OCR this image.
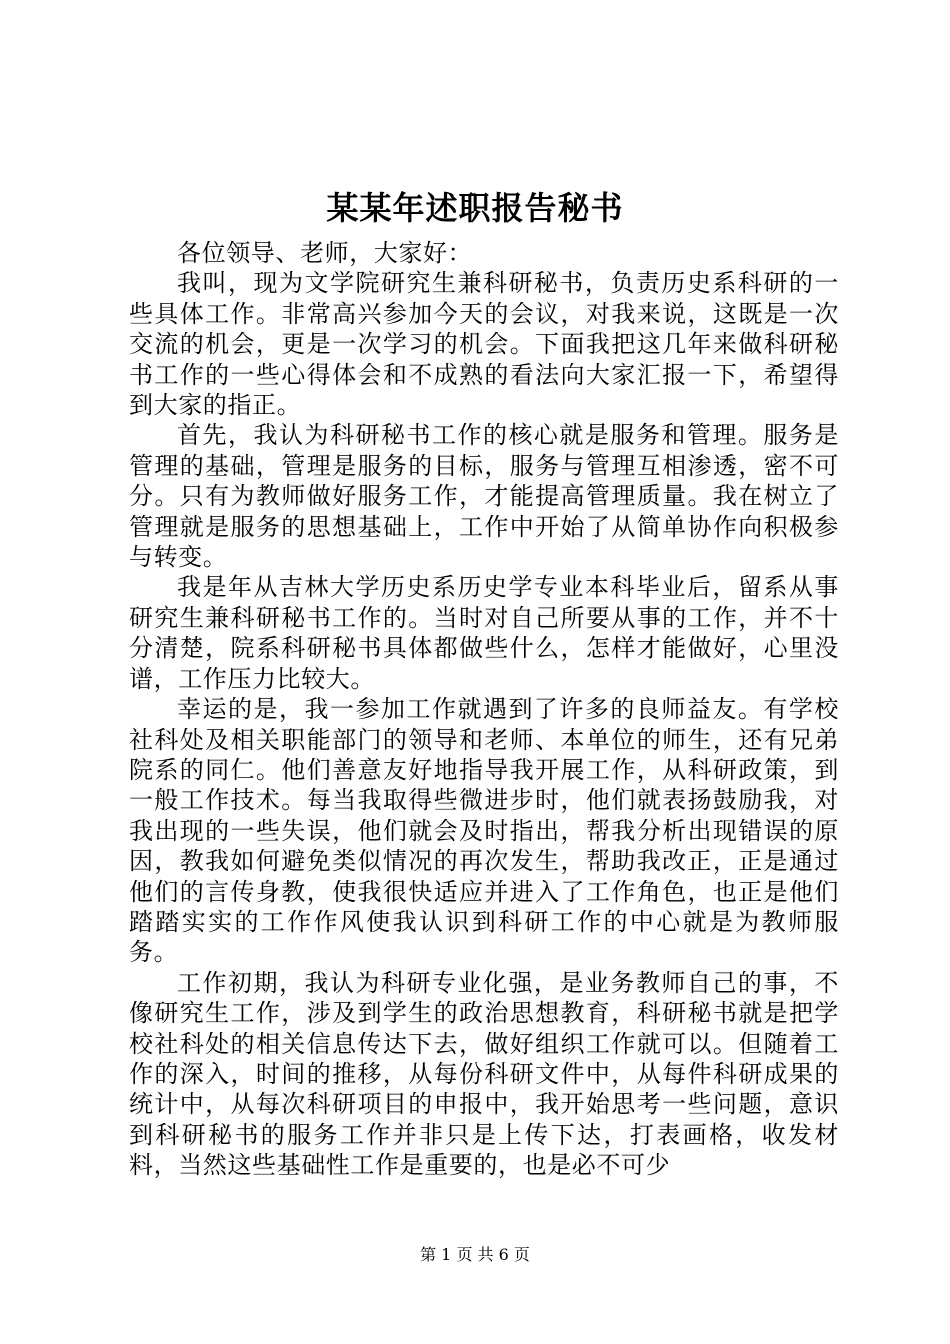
某某年述职报告秘书

各位领导、老师，大家好：

我叫，现为文学院研究生兼科研秘书，负责历史系科研的一些具体工作。非常高兴参加今天的会议，对我来说，这既是一次交流的机会，更是一次学习的机会。下面我把这几年来做科研秘书工作的一些心得体会和不成熟的看法向大家汇报一下，希望得到大家的指正。

首先，我认为科研秘书工作的核心就是服务和管理。服务是管理的基础，管理是服务的目标，服务与管理互相渗透，密不可分。只有为教师做好服务工作，才能提高管理质量。我在树立了管理就是服务的思想基础上，工作中开始了从简单协作向积极参与转变。

我是年从吉林大学历史系历史学专业本科毕业后，留系从事研究生兼科研秘书工作的。当时对自己所要从事的工作，并不十分清楚，院系科研秘书具体都做些什么，怎样才能做好，心里没谱，工作压力比较大。

幸运的是，我一参加工作就遇到了许多的良师益友。有学校社科处及相关职能部门的领导和老师、本单位的师生，还有兄弟院系的同仁。他们善意友好地指导我开展工作，从科研政策，到一般工作技术。每当我取得些微进步时，他们就表扬鼓励我，对我出现的一些失误，他们就会及时指出，帮我分析出现错误的原因，教我如何避免类似情况的再次发生，帮助我改正，正是通过他们的言传身教，使我很快适应并进入了工作角色，也正是他们踏踏实实的工作作风使我认识到科研工作的中心就是为教师服务。

工作初期，我认为科研专业化强，是业务教师自己的事，不像研究生工作，涉及到学生的政治思想教育，科研秘书就是把学校社科处的相关信息传达下去，做好组织工作就可以。但随着工作的深入，时间的推移，从每份科研文件中，从每件科研成果的统计中，从每次科研项目的申报中，我开始思考一些问题，意识到科研秘书的服务工作并非只是上传下达，打表画格，收发材料，当然这些基础性工作是重要的，也是必不可少

第 1 页 共 6 页
